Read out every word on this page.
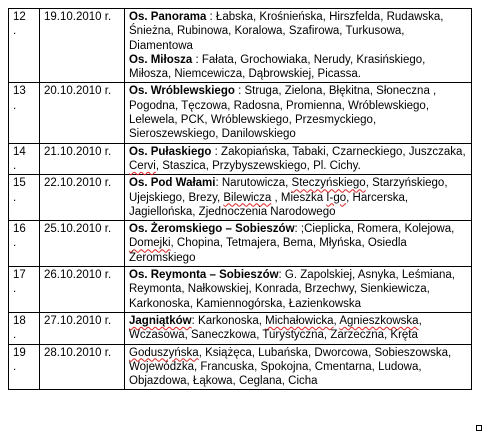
12
.	19.10.2010 r.	Os. Panorama : Łabska, Krośnieńska, Hirszfelda, Rudawska, Śnieżna, Rubinowa, Koralowa, Szafirowa, Turkusowa, Diamentowa
Os. Miłosza : Fałata, Grochowiaka, Nerudy, Krasińskiego, Miłosza, Niemcewicza, Dąbrowskiej, Picassa.
13
.	20.10.2010 r.	Os. Wróblewskiego : Struga, Zielona, Błękitna, Słoneczna , Pogodna, Tęczowa, Radosna, Promienna, Wróblewskiego, Lelewela, PCK, Wróblewskiego, Przesmyckiego, Sieroszewskiego, Danilowskiego
14
.	21.10.2010 r.	Os. Pułaskiego : Zakopiańska, Tabaki, Czarneckiego, Juszczaka, Cervi, Staszica, Przybyszewskiego, Pl. Cichy.
15
.	22.10.2010 r.	Os. Pod Wałami: Narutowicza, Steczyńskiego, Starzyńskiego, Ujejskiego, Brezy, Bilewicza , Mieszka I-go, Harcerska, Jagiellońska, Zjednoczenia Narodowego
16
.	25.10.2010 r.	Os. Żeromskiego – Sobieszów: ;Cieplicka, Romera, Kolejowa, Domejki, Chopina, Tetmajera, Bema, Młyńska, Osiedla Żeromskiego
17
.	26.10.2010 r.	Os. Reymonta – Sobieszów: G. Zapolskiej, Asnyka, Leśmiana, Reymonta, Nałkowskiej, Konrada, Brzechwy, Sienkiewicza, Karkonoska, Kamiennogórska, Łazienkowska
18
.	27.10.2010 r.	Jagniątków: Karkonoska, Michałowicka, Agnieszkowska, Wczasowa, Saneczkowa, Turystyczna, Zarzeczna, Kręta
19
.	28.10.2010 r.	Goduszyńska, Książęca, Lubańska, Dworcowa, Sobieszowska, Wojewódzka, Francuska, Spokojna, Cmentarna, Ludowa, Objazdowa, Łąkowa, Ceglana, Cicha
